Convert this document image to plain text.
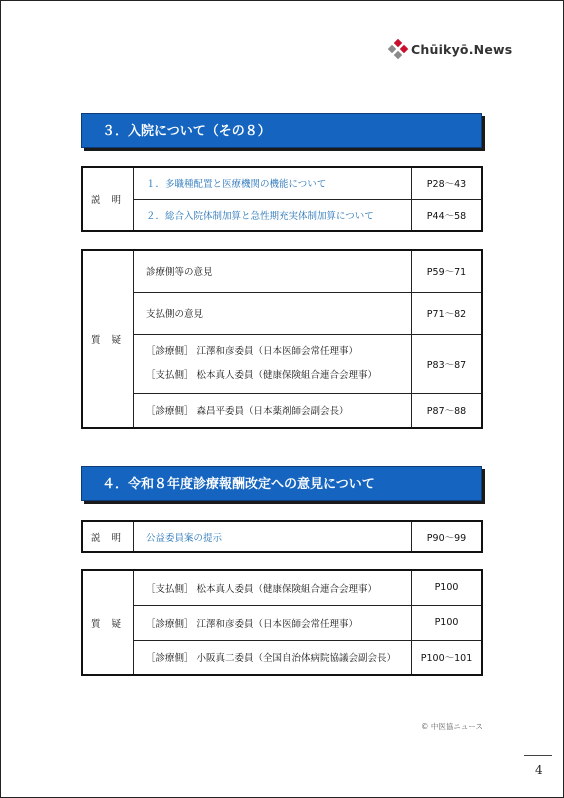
Chūikyō.News
３．入院について（その８）
説 明	１．多職種配置と医療機関の機能について	P28～43
	２．総合入院体制加算と急性期充実体制加算について	P44～58
質 疑	診療側等の意見	P59～71
	支払側の意見	P71～82

	［診療側］ 江澤和彦委員（日本医師会常任理事）
［支払側］ 松本真人委員（健康保険組合連合会理事）	P83～87
	［診療側］ 森昌平委員（日本薬剤師会副会長）	P87～88
４．令和８年度診療報酬改定への意見について
説 明	公益委員案の提示	P90～99
質 疑	［支払側］ 松本真人委員（健康保険組合連合会理事）	P100
	［診療側］ 江澤和彦委員（日本医師会常任理事）	P100
	［診療側］ 小阪真二委員（全国自治体病院協議会副会長）	P100～101
© 中医協ニュース
4
